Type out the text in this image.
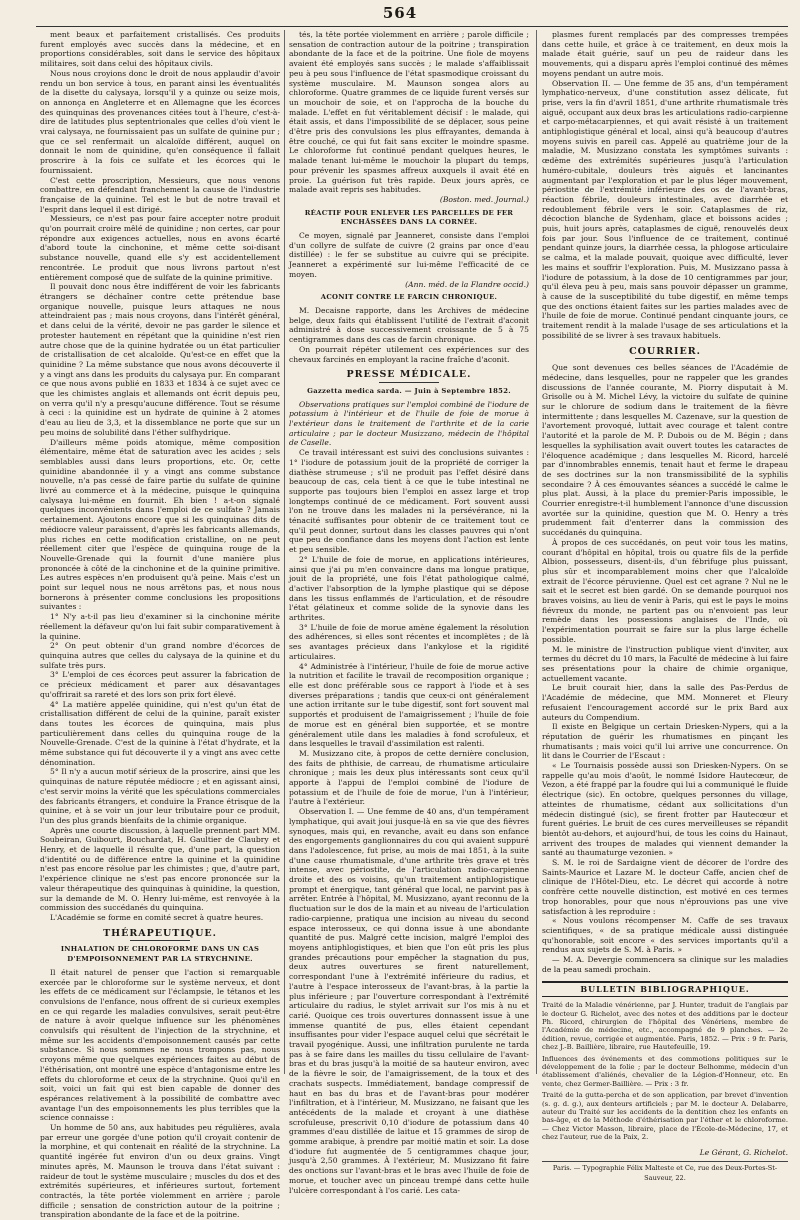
564

ment beaux et parfaitement cristallisés. Ces produits furent employés avec succès dans la médecine, et en proportions considérables, soit dans le service des hôpitaux militaires, soit dans celui des hôpitaux civils.

Nous nous croyions donc le droit de nous applaudir d'avoir rendu un bon service à tous, en parant ainsi les éventualités de la disette du calysaya, lorsqu'il y a quinze ou seize mois, on annonça en Angleterre et en Allemagne que les écorces des quinquinas des provenances citées tout à l'heure, c'est-à-dire de latitudes plus septentrionales que celles d'où vient le vrai calysaya, ne fournissaient pas un sulfate de quinine pur ; que ce sel renfermait un alcaloïde différent, auquel on donnait le nom de quinidine, qu'en conséquence il fallait proscrire à la fois ce sulfate et les écorces qui le fournissaient.

C'est cette proscription, Messieurs, que nous venons combattre, en défendant franchement la cause de l'industrie française de la quinine. Tel est le but de notre travail et l'esprit dans lequel il est dirigé.

Messieurs, ce n'est pas pour faire accepter notre produit qu'on pourrait croire mêlé de quinidine ; non certes, car pour répondre aux exigences actuelles, nous en avons écarté d'abord toute la cinchonine, et même cette soi-disant substance nouvelle, quand elle s'y est accidentellement rencontrée. Le produit que nous livrons partout n'est entièrement composé que de sulfate de la quinine primitive.

Il pouvait donc nous être indifférent de voir les fabricants étrangers se déchaîner contre cette prétendue base organique nouvelle, puisque leurs attaques ne nous atteindraient pas ; mais nous croyons, dans l'intérêt général, et dans celui de la vérité, devoir ne pas garder le silence et protester hautement en répétant que la quinidine n'est rien autre chose que de la quinine hydratée ou un état particulier de cristallisation de cet alcaloïde. Qu'est-ce en effet que la quinidine ? La même substance que nous avons découverte il y a vingt ans dans les produits du calysaya pur. En comparant ce que nous avons publié en 1833 et 1834 à ce sujet avec ce que les chimistes anglais et allemands ont écrit depuis peu, on verra qu'il n'y a presqu'aucune différence. Tout se résume à ceci : la quinidine est un hydrate de quinine à 2 atomes d'eau au lieu de 3,3, et la dissemblance ne porte que sur un peu moins de solubilité dans l'éther sulfhydrique.

D'ailleurs même poids atomique, même composition élémentaire, même état de saturation avec les acides ; sels semblables aussi dans leurs proportions, etc. Or, cette quinidine abandonnée il y a vingt ans comme substance nouvelle, n'a pas cessé de faire partie du sulfate de quinine livré au commerce et à la médecine, puisque le quinquina calysaya lui-même en fournit. Eh bien ! a-t-on signalé quelques inconvénients dans l'emploi de ce sulfate ? Jamais certainement. Ajoutons encore que si les quinquinas dits de médiocre valeur paraissent, d'après les fabricants allemands, plus riches en cette modification cristalline, on ne peut réellement citer que l'espèce de quinquina rouge de la Nouvelle-Grenade qui la fournit d'une manière plus prononcée à côté de la cinchonine et de la quinine primitive. Les autres espèces n'en produisent qu'à peine. Mais c'est un point sur lequel nous ne nous arrêtons pas, et nous nous bornerons à présenter comme conclusions les propositions suivantes :

1° N'y a-t-il pas lieu d'examiner si la cinchonine mérite réellement la défaveur qu'on lui fait subir comparativement à la quinine.

2° On peut obtenir d'un grand nombre d'écorces de quinquina autres que celles du calysaya de la quinine et du sulfate très purs.

3° L'emploi de ces écorces peut assurer la fabrication de ce précieux médicament et parer aux désavantages qu'offrirait sa rareté et des lors son prix fort élevé.

4° La matière appelée quinidine, qui n'est qu'un état de cristallisation différent de celui de la quinine, paraît exister dans toutes les écorces de quinquina, mais plus particulièrement dans celles du quinquina rouge de la Nouvelle-Grenade. C'est de la quinine à l'état d'hydrate, et la même substance qui fut découverte il y a vingt ans avec cette dénomination.

5° Il n'y a aucun motif sérieux de la proscrire, ainsi que les quinquinas de nature réputée médiocre ; et en agissant ainsi, c'est servir moins la vérité que les spéculations commerciales des fabricants étrangers, et conduire la France étrisque de la quinine, et à se voir un jour leur tributaire pour ce produit, l'un des plus grands bienfaits de la chimie organique.

Après une courte discussion, à laquelle prennent part MM. Soubeiran, Guibourt, Bouchardat, H. Gaultier de Claubry et Henry, et de laquelle il résulte que, d'une part, la question d'identité ou de différence entre la quinine et la quinidine n'est pas encore résolue par les chimistes ; que, d'autre part, l'expérience clinique ne s'est pas encore prononcée sur la valeur thérapeutique des quinquinas à quinidine, la question, sur la demande de M. O. Henry lui-même, est renvoyée à la commission des succédanés du quinquina.

L'Académie se forme en comité secret à quatre heures.

THÉRAPEUTIQUE.
INHALATION DE CHLOROFORME DANS UN CAS D'EMPOISONNEMENT PAR LA STRYCHNINE.

Il était naturel de penser que l'action si remarquable exercée par le chloroforme sur le système nerveux, et dont les effets de ce médicament sur l'éclampsie, le tétanos et les convulsions de l'enfance, nous offrent de si curieux exemples en ce qui regarde les maladies convulsives, serait peut-être de nature à avoir quelque influence sur les phénomènes convulsifs qui résultent de l'injection de la strychnine, et même sur les accidents d'empoisonnement causés par cette substance. Si nous sommes ne nous trompons pas, nous croyons même que quelques expériences faites au début de l'éthérisation, ont montré une espèce d'antagonisme entre les effets du chloroforme et ceux de la strychnine. Quoi qu'il en soit, voici un fait qui est bien capable de donner des espérances relativement à la possibilité de combattre avec avantage l'un des empoisonnements les plus terribles que la science connaisse :

Un homme de 50 ans, aux habitudes peu régulières, avala par erreur une gorgée d'une potion qu'il croyait contenir de la morphine, et qui contenait en réalité de la strychnine. La quantité ingérée fut environ d'un ou deux grains. Vingt minutes après, M. Maunson le trouva dans l'état suivant : raideur de tout le système musculaire ; muscles du dos et des extrémités supérieures, et inférieures surtout, fortement contractés, la tête portée violemment en arrière ; parole difficile ; sensation de constriction autour de la poitrine ; transpiration abondante de la face et de la poitrine.

tés, la tête portée violemment en arrière ; parole difficile ; sensation de contraction autour de la poitrine ; transpiration abondante de la face et de la poitrine. Une fiole de moyens avaient été employés sans succès ; le malade s'affaiblissait peu à peu sous l'influence de l'état spasmodique croissant du système musculaire. M. Maunson songea alors au chloroforme. Quatre grammes de ce liquide furent versés sur un mouchoir de soie, et on l'approcha de la bouche du malade. L'effet en fut véritablement décisif : le malade, qui était assis, et dans l'impossibilité de se déplacer, sous peine d'être pris des convulsions les plus effrayantes, demanda à être couché, ce qui fut fait sans exciter le moindre spasme. Le chloroforme fut continué pendant quelques heures, le malade tenant lui-même le mouchoir la plupart du temps, pour prévenir les spasmes affreux auxquels il avait été en proie. La guérison fut très rapide. Deux jours après, ce malade avait repris ses habitudes.

(Boston. med. Journal.)
RÉACTIF POUR ENLEVER LES PARCELLES DE FER ENCHÂSSÉES DANS LA CORNÉE.

Ce moyen, signalé par Jeanneret, consiste dans l'emploi d'un collyre de sulfate de cuivre (2 grains par once d'eau distillée) : le fer se substitue au cuivre qui se précipite. Jeanneret a expérimenté sur lui-même l'efficacité de ce moyen.

(Ann. méd. de la Flandre occid.)
ACONIT CONTRE LE FARCIN CHRONIQUE.

M. Decaisne rapporte, dans les Archives de médecine belge, deux faits qui établissent l'utilité de l'extrait d'aconit administré à dose successivement croissante de 5 à 75 centigrammes dans des cas de farcin chronique.

On pourrait répéter utilement ces expériences sur des chevaux farcinés en employant la racine fraîche d'aconit.

PRESSE MÉDICALE.
Gazzetta medica sarda. — Juin à Septembre 1852.

Observations pratiques sur l'emploi combiné de l'iodure de potassium à l'intérieur et de l'huile de foie de morue à l'extérieur dans le traitement de l'arthrite et de la carie articulaire ; par le docteur Musizzano, médecin de l'hôpital de Caselle.

Ce travail intéressant est suivi des conclusions suivantes : 1° l'iodure de potassium jouit de la propriété de corriger la diathèse strumeuse ; s'il ne produit pas l'effet désiré dans beaucoup de cas, cela tient à ce que le tube intestinal ne supporte pas toujours bien l'emploi en assez large et trop longtemps continué de ce médicament. Fort souvent aussi l'on ne trouve dans les malades ni la persévérance, ni la ténacité suffisantes pour obtenir de ce traitement tout ce qu'il peut donner, surtout dans les classes pauvres qui n'ont que peu de confiance dans les moyens dont l'action est lente et peu sensible.

2° L'huile de foie de morue, en applications intérieures, ainsi que j'ai pu m'en convaincre dans ma longue pratique, jouit de la propriété, une fois l'état pathologique calmé, d'activer l'absorption de la lymphe plastique qui se dépose dans les tissus enflammés de l'articulation, et de résoudre l'état gélatineux et comme solide de la synovie dans les arthrites.

3° L'huile de foie de morue amène également la résolution des adhérences, si elles sont récentes et incomplètes ; de là ses avantages précieux dans l'ankylose et la rigidité articulaires.

4° Administrée à l'intérieur, l'huile de foie de morue active la nutrition et facilite le travail de recomposition organique ; elle est donc préférable sous ce rapport à l'iode et à ses diverses préparations ; tandis que ceux-ci ont généralement une action irritante sur le tube digestif, sont fort souvent mal supportés et produisent de l'amaigrissement ; l'huile de foie de morue est en général bien supportée, et se montre généralement utile dans les maladies à fond scrofuleux, et dans lesquelles le travail d'assimilation est ralenti.

M. Musizzano cite, à propos de cette dernière conclusion, des faits de phthisie, de carreau, de rhumatisme articulaire chronique ; mais les deux plus intéressants sont ceux qu'il apporte à l'appui de l'emploi combiné de l'iodure de potassium et de l'huile de foie de morue, l'un à l'intérieur, l'autre à l'extérieur.

Observation I. — Une femme de 40 ans, d'un tempérament lymphatique, qui avait joui jusque-là en sa vie que des fièvres synoques, mais qui, en revanche, avait eu dans son enfance des engorgements ganglionnaires du cou qui avaient suppuré dans l'adolescence, fut prise, au mois de mai 1851, à la suite d'une cause rhumatismale, d'une arthrite très grave et très intense, avec périostite, de l'articulation radio-carpienne droite et des os voisins, qu'un traitement antiphlogistique prompt et énergique, tant général que local, ne parvint pas à arrêter. Entrée à l'hôpital, M. Musizzano, ayant reconnu de la fluctuation sur le dos de la main et au niveau de l'articulation radio-carpienne, pratiqua une incision au niveau du second espace interosseux, ce qui donna issue à une abondante quantité de pus. Malgré cette incision, malgré l'emploi des moyens antiphlogistiques, et bien que l'on eût pris les plus grandes précautions pour empêcher la stagnation du pus, deux autres ouvertures se firent naturellement, correspondant l'une à l'extrémité inférieure du radius, et l'autre à l'espace interosseux de l'avant-bras, à la partie la plus inférieure ; par l'ouverture correspondant à l'extrémité articulaire du radius, le stylet arrivait sur l'os mis à nu et carié. Quoique ces trois ouvertures donnassent issue à une immense quantité de pus, elles étaient cependant insuffisantes pour vider l'espace auquel celui que sécrétait le travail pyogénique. Aussi, une infiltration purulente ne tarda pas à se faire dans les mailles du tissu cellulaire de l'avant-bras et du bras jusqu'à la moitié de sa hauteur environ, avec de la fièvre le soir, de l'amaigrissement, de la toux et des crachats suspects. Immédiatement, bandage compressif de haut en bas du bras et de l'avant-bras pour modérer l'infiltration, et à l'intérieur, M. Musizzano, ne faisant que les antécédents de la malade et croyant à une diathèse scrofuleuse, prescrivit 0,10 d'iodure de potassium dans 40 grammes d'eau distillée de laitue et 15 grammes de sirop de gomme arabique, à prendre par moitié matin et soir. La dose d'iodure fut augmentée de 5 centigrammes chaque jour, jusqu'à 2,50 grammes. À l'extérieur, M. Musizzano fit faire des onctions sur l'avant-bras et le bras avec l'huile de foie de morue, et toucher avec un pinceau trempé dans cette huile l'ulcère correspondant à l'os carié. Les cata-

plasmes furent remplacés par des compresses trempées dans cette huile, et grâce à ce traitement, en deux mois la malade était guérie, sauf un peu de raideur dans les mouvements, qui a disparu après l'emploi continué des mêmes moyens pendant un autre mois.

Observation II. — Une femme de 35 ans, d'un tempérament lymphatico-nerveux, d'une constitution assez délicate, fut prise, vers la fin d'avril 1851, d'une arthrite rhumatismale très aiguë, occupant aux deux bras les articulations radio-carpienne et carpo-métacarpiennes, et qui avait résisté à un traitement antiphlogistique général et local, ainsi qu'à beaucoup d'autres moyens suivis en pareil cas. Appelé au quatrième jour de la maladie, M. Musizzano constata les symptômes suivants : œdème des extrémités supérieures jusqu'à l'articulation huméro-cubitale, douleurs très aiguës et lancinantes augmentant par l'exploration et par le plus léger mouvement, périostite de l'extrémité inférieure des os de l'avant-bras, réaction fébrile, douleurs intestinales, avec diarrhée et redoublement fébrile vers le soir. Cataplasmes de riz, décoction blanche de Sydenham, glace et boissons acides ; puis, huit jours après, cataplasmes de ciguë, renouvelés deux fois par jour. Sous l'influence de ce traitement, continué pendant quinze jours, la diarrhée cessa, la phlogose articulaire se calma, et la malade pouvait, quoique avec difficulté, lever les mains et souffrir l'exploration. Puis, M. Musizzano passa à l'iodure de potassium, à la dose de 10 centigrammes par jour, qu'il éleva peu à peu, mais sans pouvoir dépasser un gramme, à cause de la susceptibilité du tube digestif, en même temps que des onctions étaient faites sur les parties malades avec de l'huile de foie de morue. Continué pendant cinquante jours, ce traitement rendit à la malade l'usage de ses articulations et la possibilité de se livrer à ses travaux habituels.

COURRIER.

Que sont devenues ces belles séances de l'Académie de médecine, dans lesquelles, pour ne rappeler que les grandes discussions de l'année courante, M. Piorry disputait à M. Grisolle ou à M. Michel Lévy, la victoire du sulfate de quinine sur le chlorure de sodium dans le traitement de la fièvre intermittente ; dans lesquelles M. Cazenave, sur la question de l'avortement provoqué, luttait avec courage et talent contre l'autorité et la parole de M. P. Dubois ou de M. Bégin ; dans lesquelles la syphilisation avait ouvert toutes les cataractes de l'éloquence académique ; dans lesquelles M. Ricord, harcelé par d'innombrables ennemis, tenait haut et ferme le drapeau de ses doctrines sur la non transmissibilité de la syphilis secondaire ? À ces émouvantes séances a succédé le calme le plus plat. Aussi, à la place du premier-Paris impossible, le Courrier enregistre-t-il humblement l'annonce d'une discussion avortée sur la quinidine, question que M. O. Henry a très prudemment fait d'enterrer dans la commission des succédanés du quinquina.

À propos de ces succédanés, on peut voir tous les matins, courant d'hôpital en hôpital, trois ou quatre fils de la perfide Albion, possesseurs, disent-ils, d'un fébrifuge plus puissant, plus sûr et incomparablement moins cher que l'alcaloïde extrait de l'écorce péruvienne. Quel est cet agrane ? Nul ne le sait et le secret est bien gardé. On se demande pourquoi nos braves voisins, au lieu de venir à Paris, qui est le pays le moins fiévreux du monde, ne partent pas ou n'envoient pas leur remède dans les possessions anglaises de l'Inde, où l'expérimentation pourrait se faire sur la plus large échelle possible.

M. le ministre de l'instruction publique vient d'inviter, aux termes du décret du 10 mars, la Faculté de médecine à lui faire ses présentations pour la chaire de chimie organique, actuellement vacante.

Le bruit courait hier, dans la salle des Pas-Perdus de l'Académie de médecine, que MM. Monneret et Fleury refusaient l'encouragement accordé sur le prix Bard aux auteurs du Compendium.

Il existe en Belgique un certain Driesken-Nypers, qui a la réputation de guérir les rhumatismes en pinçant les rhumatisants ; mais voici qu'il lui arrive une concurrence. On lit dans le Courrier de l'Escaut :

« Le Tournaisis possède aussi son Driesken-Nypers. On se rappelle qu'au mois d'août, le nommé Isidore Hautecœur, de Vezon, a été frappé par la foudre qui lui a communiqué le fluide électrique (sic). En octobre, quelques personnes du village, atteintes de rhumatisme, cédant aux sollicitations d'un médecin distingué (sic), se firent frotter par Hautecœur et furent guéries. Le bruit de ces cures merveilleuses se répandit bientôt au-dehors, et aujourd'hui, de tous les coins du Hainaut, arrivent des troupes de malades qui viennent demander la santé au thaumaturge vezonien. »

S. M. le roi de Sardaigne vient de décorer de l'ordre des Saints-Maurice et Lazare M. le docteur Caffe, ancien chef de clinique de l'Hôtel-Dieu, etc. Le décret qui accorde à notre confrère cette nouvelle distinction, est motivé en ces termes trop honorables, pour que nous n'éprouvions pas une vive satisfaction à les reproduire :

« Nous voulons récompenser M. Caffe de ses travaux scientifiques, « de sa pratique médicale aussi distinguée qu'honorable, soit encore « des services importants qu'il a rendus aux sujets de S. M. à Paris. »

— M. A. Devergie commencera sa clinique sur les maladies de la peau samedi prochain.

BULLETIN BIBLIOGRAPHIQUE.

Traité de la Maladie vénérienne, par J. Hunter, traduit de l'anglais par le docteur G. Richelot, avec des notes et des additions par le docteur Ph. Ricord, chirurgien de l'hôpital des Vénériens, membre de l'Académie de médecine, etc., accompagné de 9 planches. — 2e édition, revue, corrigée et augmentée. Paris, 1852. — Prix : 9 fr. Paris, chez J.-B. Baillière, libraire, rue Hautefeuille, 19.

Influences des événements et des commotions politiques sur le développement de la folie ; par le docteur Belhomme, médecin d'un établissement d'aliénés, chevalier de la Légion-d'Honneur, etc. En vente, chez Germer-Baillière. — Prix : 3 fr.

Traité de la gutta-percha et de son application, par brevet d'invention (s. g. d. g.), aux denteurs artificiels ; par M. le docteur A. Delabarre, auteur du Traité sur les accidents de la dentition chez les enfants en bas-âge, et de la Méthode d'éthérisation par l'éther et le chloroforme. — Chez Victor Masson, libraire, place de l'École-de-Médecine, 17, et chez l'auteur, rue de la Paix, 2.

Le Gérant, G. Richelot.
Paris. — Typographie Félix Malteste et Ce, rue des Deux-Portes-St-Sauveur, 22.
